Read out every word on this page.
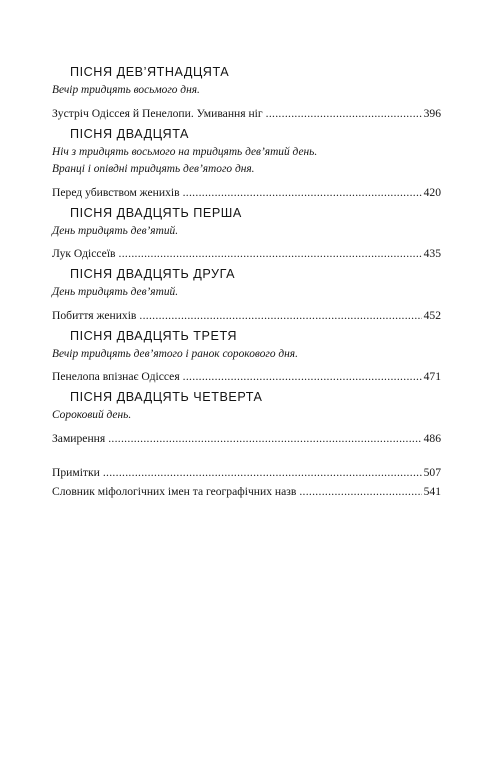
ПІСНЯ ДЕВ’ЯТНАДЦЯТА

Вечір тридцять восьмого дня.

Зустріч Одіссея й Пенелопи. Умивання ніг . . .	396
ПІСНЯ ДВАДЦЯТА

Ніч з тридцять восьмого на тридцять дев’ятий день.

Вранці і опівдні тридцять дев’ятого дня.

Перед убивством женихів . . .	420
ПІСНЯ ДВАДЦЯТЬ ПЕРША

День тридцять дев’ятий.

Лук Одіссеїв . . .	435
ПІСНЯ ДВАДЦЯТЬ ДРУГА

День тридцять дев’ятий.

Побиття женихів . . .	452
ПІСНЯ ДВАДЦЯТЬ ТРЕТЯ

Вечір тридцять дев’ятого і ранок сорокового дня.

Пенелопа впізнає Одіссея . . .	471
ПІСНЯ ДВАДЦЯТЬ ЧЕТВЕРТА

Сороковий день.

Замирення . . .	486
Примітки . . .	507
Словник міфологічних імен та географічних назв . . .	541
